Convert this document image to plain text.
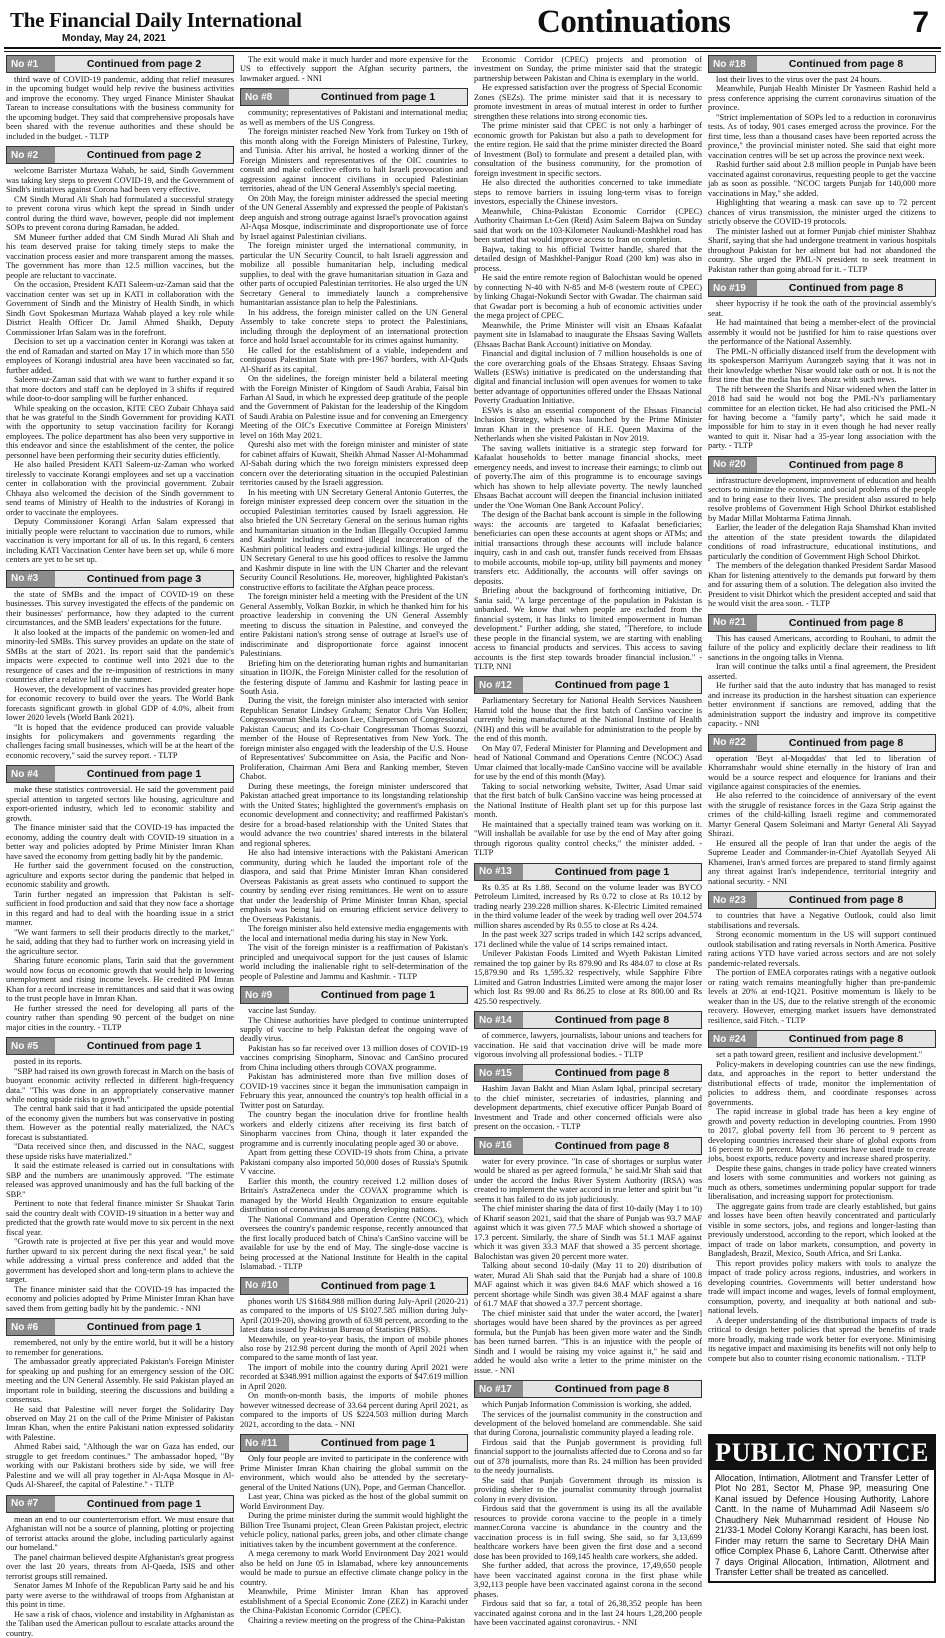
The Financial Daily International
Monday, May 24, 2021	Continuations	7
No #1	Continued from page 2

third wave of COVID-19 pandemic, adding that relief measures in the upcoming budget would help revive the business activities and improve the economy. They urged Finance Minister Shaukat Tarean to increase consultations with the business community for the upcoming budget. They said that comprehensive proposals have been shared with the revenue authorities and these should be included in the budget. - TLTP

No #2	Continued from page 2

welcome Barrister Murtaza Wahab, he said, Sindh Government was taking key steps to prevent COVID-19, and the Government of Sindh's initiatives against Corona had been very effective.

CM Sindh Murad Ali Shah had formulated a successful strategy to prevent corona virus which kept the spread in Sindh under control during the third wave, however, people did not implement SOPs to prevent corona during Ramadan, he added.

SM Muneer further added that CM Sindh Murad Ali Shah and his team deserved praise for taking timely steps to make the vaccination process easier and more transparent among the masses. The government has more than 12.5 million vaccines, but the people are reluctant to vaccinate.

On the occasion, President KATI Saleem-uz-Zaman said that the vaccination center was set up in KATI in collaboration with the Government of Sindh and the Ministry of Health Sindh, in which Sindh Govt Spokesman Murtaza Wahab played a key role while District Health Officer Dr. Jamil Ahmed Shaikh, Deputy Commissioner Irfan Salam was in the forefront.

Decision to set up a vaccination center in Korangi was taken at the end of Ramadan and started on May 17 in which more than 550 employees of Korangi industrial area have been vaccinated so far, further added.

Saleem-uz-Zaman said that with we want to further expand it so that more doctors and staff can be deployed in 3 shifts if required while door-to-door sampling will be further enhanced.

While speaking on the occasion, KITE CEO Zubair Chhaya said that he was grateful to the Sindh Government for providing KATI with the opportunity to setup vaccination facility for Korangi employees. The police department has also been very supportive in this endeavor and since the establishment of the center, the police personnel have been performing their security duties efficiently.

He also hailed President KATI Saleem-uz-Zaman who worked tirelessly to vaccinate Korangi employees and set up a vaccination center in collaboration with the provincial government. Zubair Chhaya also welcomed the decision of the Sindh government to send teams of Ministry of Health to the industries of Korangi in order to vaccinate the employees.

Deputy Commissioner Korangi Arfan Salam expressed that initially people were reluctant to vaccination due to rumors, while vaccination is very important for all of us. In this regard, 6 centers including KATI Vaccination Center have been set up, while 6 more centers are yet to be set up.

No #3	Continued from page 3

the state of SMBs and the impact of COVID-19 on these businesses. This survey investigated the effects of the pandemic on their businesses' performance, how they adapted to the current circumstances, and the SMB leaders' expectations for the future.

It also looked at the impacts of the pandemic on women-led and minority-led SMBs. This survey provides an update on the state of SMBs at the start of 2021. Its report said that the pandemic's impacts were expected to continue well into 2021 due to the resurgence of cases and the re-imposition of restrictions in many countries after a relative lull in the summer.

However, the development of vaccines has provided greater hope for economic recovery to build over the years. The World Bank forecasts significant growth in global GDP of 4.0%, albeit from lower 2020 levels (World Bank 2021).

"It is hoped that the evidence produced can provide valuable insights for policymakers and governments regarding the challenges facing small businesses, which will be at the heart of the economic recovery," said the survey report. - TLTP

No #4	Continued from page 1

make these statistics controversial. He said the government paid special attention to targeted sectors like housing, agriculture and export-oriented industry, which led to economic stability and growth.

The finance minister said that the COVID-19 has impacted the economy, adding the country dealt with COVID-19 situation in a better way and policies adopted by Prime Minister Imran Khan have saved the economy from getting badly hit by the pandemic.

He further said the government focused on the construction, agriculture and exports sector during the pandemic that helped in economic stability and growth.

Tarin further negated an impression that Pakistan is self-sufficient in food production and said that they now face a shortage in this regard and had to deal with the hoarding issue in a strict manner.

"We want farmers to sell their products directly to the market," he said, adding that they had to further work on increasing yield in the agriculture sector.

Sharing future economic plans, Tarin said that the government would now focus on economic growth that would help in lowering unemployment and rising income levels. He credited PM Imran Khan for a record increase in remittances and said that it was owing to the trust people have in Imran Khan.

He further stressed the need for developing all parts of the country rather than spending 90 percent of the budget on nine major cities in the country. - TLTP

No #5	Continued from page 1

posted in its reports.

"SBP had raised its own growth forecast in March on the basis of buoyant economic activity reflected in different high-frequency data." "This was done in an appropriately conservative manner while noting upside risks to growth."

The central bank said that it had anticipated the upside potential of the economy given the numbers but was conservative in posting them. However as the potential really materialized, the NAC's forecast is substantiated.

"Data received since then, and discussed in the NAC, suggest these upside risks have materialized."

It said the estimate released is carried out in consultations with SBP and the numbers are unanimously approved. "The estimate released was approved unanimously and has the full backing of the SBP."

Pertinent to note that federal finance minister Sr Shaukat Tarin said the country dealt with COVID-19 situation in a better way and predicted that the growth rate would move to six percent in the next fiscal year.

"Growth rate is projected at five per this year and would move further upward to six percent during the next fiscal year," he said while addressing a virtual press conference and added that the government has developed short and long-term plans to achieve the target.

The finance minister said that the COVID-19 has impacted the economy and policies adopted by Prime Minister Imran Khan have saved them from getting badly hit by the pandemic. - NNI

No #6	Continued from page 1

remembered, not only by the entire world, but it will be a history to remember for generations.

The ambassador greatly appreciated Pakistan's Foreign Minister for speaking up and pushing for an emergency session of the OIC meeting and the UN General Assembly. He said Pakistan played an important role in building, steering the discussions and building a consensus.

He said that Palestine will never forget the Solidarity Day observed on May 21 on the call of the Prime Minister of Pakistan Imran Khan, when the entire Pakistani nation expressed solidarity with Palestine.

Ahmed Rabei said, "Although the war on Gaza has ended, our struggle to get freedom continues." The ambassador hoped, "By working with our Pakistani brothers side by side, we will free Palestine and we will all pray together in Al-Aqsa Mosque in Al-Quds Al-Shareef, the capital of Palestine." - TLTP

No #7	Continued from page 1

mean an end to our counterterrorism effort. We must ensure that Afghanistan will not be a source of planning, plotting or projecting of terrorist attacks around the globe, including particularly against our homeland."

The panel chairman believed despite Afghanistan's great progress over the last 20 years, threats from Al-Qaeda, ISIS and other terrorist groups still remained.

Senator James M Inhofe of the Republican Party said he and his party were averse to the withdrawal of troops from Afghanistan at this point in time.

He saw a risk of chaos, violence and instability in Afghanistan as the Taliban used the American pullout to escalate attacks around the country.

The exit would make it much harder and more expensive for the US to effectively support the Afghan security partners, the lawmaker argued. - NNI

No #8	Continued from page 1

community; representatives of Pakistani and international media; as well as members of the US Congress.

The foreign minister reached New York from Turkey on 19th of this month along with the Foreign Ministers of Palestine, Turkey, and Tunisia. After his arrival, he hosted a working dinner of the Foreign Ministers and representatives of the OIC countries to consult and make collective efforts to halt Israeli provocation and aggression against innocent civilians in occupied Palestinian territories, ahead of the UN General Assembly's special meeting.

On 20th May, the foreign minister addressed the special meeting of the UN General Assembly and expressed the people of Pakistan's deep anguish and strong outrage against Israel's provocation against Al-Aqsa Mosque, indiscriminate and disproportionate use of force by Israel against Palestinian civilians.

The foreign minister urged the international community, in particular the UN Security Council, to halt Israeli aggression and mobilize all possible humanitarian help, including medical supplies, to deal with the grave humanitarian situation in Gaza and other parts of occupied Palestinian territories. He also urged the UN Secretary General to immediately launch a comprehensive humanitarian assistance plan to help the Palestinians.

In his address, the foreign minister called on the UN General Assembly to take concrete steps to protect the Palestinians, including through the deployment of an international protection force and hold Israel accountable for its crimes against humanity.

He called for the establishment of a viable, independent and contiguous Palestinian State with pre-1967 borders, with Al-Quds Al-Sharif as its capital.

On the sidelines, the foreign minister held a bilateral meeting with the Foreign Minister of Kingdom of Saudi Arabia, Faisal bin Farhan Al Saud, in which he expressed deep gratitude of the people and the Government of Pakistan for the leadership of the Kingdom of Saudi Arabia on Palestine issue and for convening an Emergency Meeting of the OIC's Executive Committee at Foreign Ministers' level on 16th May 2021.

Qureshi also met with the foreign minister and minister of state for cabinet affairs of Kuwait, Sheikh Ahmad Nasser Al-Mohammad Al-Sabah during which the two foreign ministers expressed deep concern over the deteriorating situation in the occupied Palestinian territories caused by the Israeli aggression.

In his meeting with UN Secretary General Antonio Guterres, the foreign minister expressed deep concern over the situation in the occupied Palestinian territories caused by Israeli aggression. He also briefed the UN Secretary General on the serious human rights and humanitarian situation in the Indian Illegally Occupied Jammu and Kashmir including continued illegal incarceration of the Kashmiri political leaders and extra-judicial killings. He urged the UN Secretary General to use his good offices to resolve the Jammu and Kashmir dispute in line with the UN Charter and the relevant Security Council Resolutions. He, moreover, highlighted Pakistan's constructive efforts to facilitate the Afghan peace process.

The foreign minister held a meeting with the President of the UN General Assembly, Volkan Bozkir, in which he thanked him for his proactive leadership in convening the UN General Assembly meeting to discuss the situation in Palestine, and conveyed the entire Pakistani nation's strong sense of outrage at Israel's use of indiscriminate and disproportionate force against innocent Palestinians.

Briefing him on the deteriorating human rights and humanitarian situation in IIOJK, the Foreign Minister called for the resolution of the festering dispute of Jammu and Kashmir for lasting peace in South Asia.

During the visit, the foreign minister also interacted with senior Republican Senator Lindsey Graham; Senator Chris Van Hollen; Congresswoman Sheila Jackson Lee, Chairperson of Congressional Pakistan Caucus; and its Co-chair Congressman Thomas Suozzi, member of the House of Representatives from New York. The foreign minister also engaged with the leadership of the U.S. House of Representatives' Subcommittee on Asia, the Pacific and Non-Proliferation, Chairman Ami Bera and Ranking member, Steven Chabot.

During these meetings, the foreign minister underscored that Pakistan attached great importance to its longstanding relationship with the United States; highlighted the government's emphasis on economic development and connectivity; and reaffirmed Pakistan's desire for a broad-based relationship with the United States that would advance the two countries' shared interests in the bilateral and regional spheres.

He also had intensive interactions with the Pakistani American community, during which he lauded the important role of the diaspora, and said that Prime Minister Imran Khan considered Overseas Pakistanis as great assets who continued to support the country by sending ever rising remittances. He went on to assure that under the leadership of Prime Minister Imran Khan, special emphasis was being laid on ensuring efficient service delivery to the Overseas Pakistanis.

The foreign minister also held extensive media engagements with the local and international media during his stay in New York.

The visit of the foreign minister is a reaffirmation of Pakistan's principled and unequivocal support for the just causes of Islamic world including the inalienable right to self-determination of the people of Palestine and Jammu and Kashmir. - TLTP

No #9	Continued from page 1

vaccine last Sunday.

The Chinese authorities have pledged to continue uninterrupted supply of vaccine to help Pakistan defeat the ongoing wave of deadly virus.

Pakistan has so far received over 13 million doses of COVID-19 vaccines comprising Sinopharm, Sinovac and CanSino procured from China including others through COVAX programme.

Pakistan has administered more than five million doses of COVID-19 vaccines since it began the immunisation campaign in February this year, announced the country's top health official in a Twitter post on Saturday.

The country began the inoculation drive for frontline health workers and elderly citizens after receiving its first batch of Sinopharm vaccines from China, though it later expanded the programme and is currently inoculating people aged 30 or above.

Apart from getting these COVID-19 shots from China, a private Pakistani company also imported 50,000 doses of Russia's Sputnik V vaccine.

Earlier this month, the country received 1.2 million doses of Britain's AstraZeneca under the COVAX programme which is managed by the World Health Organization to ensure equitable distribution of coronavirus jabs among developing nations.

The National Command and Operation Centre (NCOC), which oversees the country's pandemic response, recently announced that the first locally produced batch of China's CanSino vaccine will be available for use by the end of May. The single-dose vaccine is being processed at the National Institute for Health in the capital Islamabad. - TLTP

No #10	Continued from page 1

phones worth US $1684.988 million during July-April (2020-21) as compared to the imports of US $1027.585 million during July-April (2019-20), showing growth of 63.98 percent, according to the latest data issued by Pakistan Bureau of Statistics (PBS).

Meanwhile, on year-to-year basis, the import of mobile phones also rose by 212.98 percent during the month of April 2021 when compared to the same month of last year.

The import of mobile into the country during April 2021 were recorded at $348.991 million against the exports of $47.619 million in April 2020.

On month-on-month basis, the imports of mobile phones however witnessed decrease of 33.64 percent during April 2021, as compared to the imports of US $224.503 million during March 2021, according to the data. - NNI

No #11	Continued from page 1

Only four people are invited to participate in the conference with Prime Minister Imran Khan chairing the global summit on the environment, which would also be attended by the secretary-general of the United Nations (UN), Pope, and German Chancellor.

Last year, China was picked as the host of the global summit on World Environment Day.

During the prime minister during the summit would highlight the Billion Tree Tsunami project, Clean Green Pakistan project, electric vehicle policy, national parks, green jobs, and other climate change initiatives taken by the incumbent government at the conference.

A mega ceremony to mark World Environment Day 2021 would also be held on June 05 in Islamabad, where key announcements would be made to pursue an effective climate change policy in the country.

Meanwhile, Prime Minister Imran Khan has approved establishment of a Special Economic Zone (ZEZ) in Karachi under the China-Pakistan Economic Corridor (CPEC).

Chairing a review meeting on the progress of the China-Pakistan

Economic Corridor (CPEC) projects and promotion of investment on Sunday, the prime minister said that the strategic partnership between Pakistan and China is exemplary in the world.

He expressed satisfaction over the progress of Special Economic Zones (SEZs). The prime minister said that it is necessary to promote investment in areas of mutual interest in order to further strengthen these relations into strong economic ties.

The prime minister said that CPEC is not only a harbinger of economic growth for Pakistan but also a path to development for the entire region. He said that the prime minister directed the Board of Investment (BoI) to formulate and present a detailed plan, with consultation of the business community, for the promotion of foreign investment in specific sectors.

He also directed the authorities concerned to take immediate steps to remove barriers in issuing long-term visas to foreign investors, especially the Chinese investors.

Meanwhile, China-Pakistan Economic Corridor (CPEC) Authority Chairman Lt-Gen (Retd) Asim Saleem Bajwa on Sunday said that work on the 103-Kilometer Naukundi-Mashkhel road has been started that would improve access to Iran on completion.

Bajwa, taking to his official Twitter handle, shared that the detailed design of Mashkhel-Panjgur Road (200 km) was also in process.

He said the entire remote region of Balochistan would be opened by connecting N-40 with N-85 and M-8 (western route of CPEC) by linking Chagai-Nokundi Sector with Gwadar. The chairman said that Gwadar port is becoming a hub of economic activities under the mega project of CPEC.

Meanwhile, the Prime Minister will visit an Ehsaas Kafaalat payment site in Islamabad to inaugurate the Ehsaas Saving Wallets (Ehsaas Bachat Bank Account) initiative on Monday.

Financial and digital inclusion of 7 million households is one of the core overarching goals of the Ehsaas Strategy. Ehsaas Saving Wallets (ESWs) initiative is predicated on the understanding that digital and financial inclusion will open avenues for women to take better advantage of opportunities offered under the Ehsaas National Poverty Graduation Initiative.

ESWs is also an essential component of the Ehsaas Financial Inclusion Strategy, which was launched by the Prime Minister Imran Khan in the presence of H.E. Queen Maxima of the Netherlands when she visited Pakistan in Nov 2019.

The saving wallets initiative is a strategic step forward for Kafaalat households to better manage financial shocks, meet emergency needs, and invest to increase their earnings; to climb out of poverty.The aim of this programme is to encourage savings which has shown to help alleviate poverty. The newly launched Ehsaas Bachat account will deepen the financial inclusion initiated under the 'One Woman One Bank Account Policy'.

The design of the Bachat bank account is simple in the following ways: the accounts are targeted to Kafaalat beneficiaries; beneficiaries can open these accounts at agent shops or ATMs; and initial transactions through these accounts will include balance inquiry, cash in and cash out, transfer funds received from Ehsaas to mobile accounts, mobile top-up, utility bill payments and money transfers etc. Additionally, the accounts will offer savings on deposits.

Briefing about the background of forthcoming initiative, Dr. Sania said, "A large percentage of the population in Pakistan is unbanked. We know that when people are excluded from the financial system, it has links to limited empowerment in human development." Further adding, she stated, "Therefore, to include these people in the financial system, we are starting with enabling access to financial products and services. This access to saving accounts is the first step towards broader financial inclusion." - TLTP, NNI

No #12	Continued from page 1

Parliamentary Secretary for National Health Services Nausheen Hamid told the house that the first batch of CanSino vaccine is currently being manufactured at the National Institute of Health (NIH) and this will be available for administration to the people by the end of this month.

On May 07, Federal Minister for Planning and Development and head of National Command and Operations Centre (NCOC) Asad Umar claimed that locally-made CanSino vaccine will be available for use by the end of this month (May).

Taking to social networking website, Twitter, Asad Umar said that the first batch of bulk CanSino vaccine was being processed at the National Institute of Health plant set up for this purpose last month.

He maintained that a specially trained team was working on it. "Will inshallah be available for use by the end of May after going through rigorous quality control checks," the minister added. - TLTP

No #13	Continued from page 1

Rs 0.35 at Rs 1.88. Second on the volume leader was BYCO Petroleum Limited, increased by Rs 0.72 to close at Rs 10.12 by trading nearly 239.228 million shares. K-Electric Limited remained in the third volume leader of the week by trading well over 204.574 million shares ascended by Rs 0.55 to close at Rs 4.24.

In the past week 327 scrips traded in which 142 scrips advanced, 171 declined while the value of 14 scrips remained intact.

Unilever Pakistan Foods Limited and Wyeth Pakistan Limited remained the top gainer by Rs 879.90 and Rs 484.07 to close at Rs 15,879.90 and Rs 1,595.32 respectively, while Sapphire Fibre Limited and Gatron Industries Limited were among the major loser which lost Rs 99.00 and Rs 86.25 to close at Rs 800.00 and Rs 425.50 respectively.

No #14	Continued from page 8

of commerce, lawyers, journalists, labour unions and teachers for vaccination. He said that vaccination drive will be made more vigorous involving all professional bodies. - TLTP

No #15	Continued from page 8

Hashim Javan Bakht and Mian Aslam Iqbal, principal secretary to the chief minister, secretaries of industries, planning and development departments, chief executive officer Punjab Board of Investment and Trade and other concerned officials were also present on the occasion. - TLTP

No #16	Continued from page 8

water for every province. "In case of shortages or surplus water would be shared as per agreed formula," he said.Mr Shah said that under the accord the Indus River System Authority (IRSA) was created to implement the water accord in true letter and spirit but "it seems it has failed to do its job judiciously.

The chief minister sharing the data of first 10-daily (May 1 to 10) of Kharif season 2021, said that the share of Punjab was 93.7 MAF against which it was given 77.5 MAF which showed a shortage of 17.3 percent. Similarly, the share of Sindh was 51.1 MAF against which it was given 33.3 MAF that showed a 35 percent shortage. Balochistan was given 20 percent more water.

Talking about second 10-daily (May 11 to 20) distribution of water, Murad Ali Shah said that the Punjab had a share of 100.8 MAF against which it was given 84.6 MAF which showed a 16 percent shortage while Sindh was given 38.4 MAF against a share of 61.7 MAF that showed a 37.7 percent shortage.

The chief minister said that under the water accord, the [water] shortages would have been shared by the provinces as per agreed formula, but the Punjab has been given more water and the Sindh has been turned barren. "This is an injustice with the people of Sindh and I would be raising my voice against it," he said and added he would also write a letter to the prime minister on the issue. - NNI

No #17	Continued from page 8

which Punjab Information Commission is working, she added.

The services of the journalist community in the construction and development of the beloved homeland are commendable. She said that during Corona, journalistic community played a leading role.

Firdous said that the Punjab government is providing full financial support to the journalists affected due to Corona and so far out of 378 journalists, more than Rs. 24 million has been provided to the needy journalists.

She said that Punjab Government through its mission is providing shelter to the journalist community through journalist colony in every division.

Firdous said that the government is using its all the available resources to provide corona vaccine to the people in a timely manner.Corona vaccine is abundance in the country and the vaccination process is in full swing. She said, so far 3,13,699 healthcare workers have been given the first dose and a second dose has been provided to 169,145 health care workers, she added.

She further added, that across the province, 17,49,650 people have been vaccinated against corona in the first phase while 3,92,113 people have been vaccinated against corona in the second phases.

Firdous said that so far, a total of 26,38,352 people has been vaccinated against corona and in the last 24 hours 1,28,200 people have been vaccinated against coronavirus. - NNI

No #18	Continued from page 8

lost their lives to the virus over the past 24 hours.

Meanwhile, Punjab Health Minister Dr Yasmeen Rashid held a press conference apprising the current coronavirus situation of the province.

"Strict implementation of SOPs led to a reduction in coronavirus tests. As of today, 901 cases emerged across the province. For the first time, less than a thousand cases have been reported across the province," the provincial minister noted. She said that eight more vaccination centres will be set up across the province next week.

Rashid further said about 2.8 million people in Punjab have been vaccinated against coronavirus, requesting people to get the vaccine jab as soon as possible. "NCOC targets Punjab for 140,000 more vaccinations in May," she added.

Highlighting that wearing a mask can save up to 72 percent chances of virus transmission, the minister urged the citizens to strictly observe the COVID-19 protocols.

The minister lashed out at former Punjab chief minister Shahbaz Sharif, saying that she had undergone treatment in various hospitals throughout Pakistan for her ailment but had not abandoned the country. She urged the PML-N president to seek treatment in Pakistan rather than going abroad for it. - TLTP

No #19	Continued from page 8

sheer hypocrisy if he took the oath of the provincial assembly's seat.

He had maintained that being a member-elect of the provincial assembly it would not be justified for him to raise questions over the performance of the National Assembly.

The PML-N officially distanced itself from the development with its spokesperson Marriyum Aurangzeb saying that it was not in their knowledge whether Nisar would take oath or not. It is not the first time that the media has been abuzz with such news.

The rift between the Sharifs and Nisar widened when the latter in 2018 had said he would not bog the PML-N's parliamentary committee for an election ticket. He had also criticised the PML-N for having become a "family party", which he said made it impossible for him to stay in it even though he had never really wanted to quit it. Nisar had a 35-year long association with the party. - TLTP

No #20	Continued from page 8

infrastructure development, improvement of education and health sectors to minimize the economic and social problems of the people and to bring ease to their lives. The president also assured to help resolve problems of Government High School Dhirkot established by Madar Millat Mohtarma Fatima Jinnah.

Earlier, the leader of the delegation Raja Shamshad Khan invited the attention of the state president towards the dilapidated conditions of road infrastructure, educational institutions, and particularly the condition of Government High School Dhirkot.

The members of the delegation thanked President Sardar Masood Khan for listening attentively to the demands put forward by them and for assuring them of a solution. The delegation also invited the President to visit Dhirkot which the president accepted and said that he would visit the area soon. - TLTP

No #21	Continued from page 8

This has caused Americans, according to Rouhani, to admit the failure of the policy and explicitly declare their readiness to lift sanctions in the ongoing talks in Vienna.

Iran will continue the talks until a final agreement, the President asserted.

He further said that the auto industry that has managed to resist and increase its production in the harshest situation can experience better environment if sanctions are removed, adding that the administration support the industry and improve its competitive capacity. - NNI

No #22	Continued from page 8

operation 'Beyt al-Moqaddas' that led to liberation of Khorramshahr would shine eternally in the history of Iran and would be a source respect and eloquence for Iranians and their vigilance against conspiracies of the enemies.

He also referred to the coincidence of anniversary of the event with the struggle of resistance forces in the Gaza Strip against the crimes of the child-killing Israeli regime and commemorated Martyr General Qasem Soleimani and Martyr General Ali Sayyad Shirazi.

He ensured all the people of Iran that under the aegis of the Supreme Leader and Commander-in-Chief Ayatollah Seyyed Ali Khamenei, Iran's armed forces are prepared to stand firmly against any threat against Iran's independence, territorial integrity and national security. - NNI

No #23	Continued from page 8

to countries that have a Negative Outlook, could also limit stabilisations and reversals.

Strong economic momentum in the US will support continued outlook stabilisation and rating reversals in North America. Positive rating actions YTD have varied across sectors and are not solely pandemic-related reversals.

The portion of EMEA corporates ratings with a negative outlook or rating watch remains meaningfully higher than pre-pandemic levels at 20% at end-1Q21. Positive momentum is likely to be weaker than in the US, due to the relative strength of the economic recovery. However, emerging market issuers have demonstrated resilience, said Fitch. - TLTP

No #24	Continued from page 8

set a path toward green, resilient and inclusive development."

Policy-makers in developing countries can use the new findings, data, and approaches in the report to better understand the distributional effects of trade, monitor the implementation of policies to address them, and coordinate responses across governments.

The rapid increase in global trade has been a key engine of growth and poverty reduction in developing countries. From 1990 to 2017, global poverty fell from 36 percent to 9 percent as developing countries increased their share of global exports from 16 percent to 30 percent. Many countries have used trade to create jobs, boost exports, reduce poverty and increase shared prosperity.

Despite these gains, changes in trade policy have created winners and losers with some communities and workers not gaining as much as others, sometimes undermining popular support for trade liberalisation, and increasing support for protectionism.

The aggregate gains from trade are clearly established, but gains and losses have been often heavily concentrated and particularly visible in some sectors, jobs, and regions and longer-lasting than previously understood, according to the report, which looked at the impact of trade on labor markets, consumption, and poverty in Bangladesh, Brazil, Mexico, South Africa, and Sri Lanka.

This report provides policy makers with tools to analyze the impact of trade policy across regions, industries, and workers in developing countries. Governments will better understand how trade will impact income and wages, levels of formal employment, consumption, poverty, and inequality at both national and sub-national levels.

A deeper understanding of the distributional impacts of trade is critical to design better policies that spread the benefits of trade more broadly, making trade work better for everyone. Minimising its negative impact and maximising its benefits will not only help to compete but also to counter rising economic nationalism. - TLTP

PUBLIC NOTICE
Allocation, Intimation, Allotment and Transfer Letter of Plot No 281, Sector M, Phase 9P, measuring One Kanal issued by Defence Housing Authority, Lahore Cantt. In the name of Muhammad Adil Naseem s/o Chaudhery Nek Muhammad resident of House No 21/33-1 Model Colony Korangi Karachi, has been lost. Finder may return the same to Secretary DHA Main office Complex Phase 6, Lahore Cantt. Otherwise after 7 days Original Allocation, Intimation, Allotment and Transfer Letter shall be treated as cancelled.
